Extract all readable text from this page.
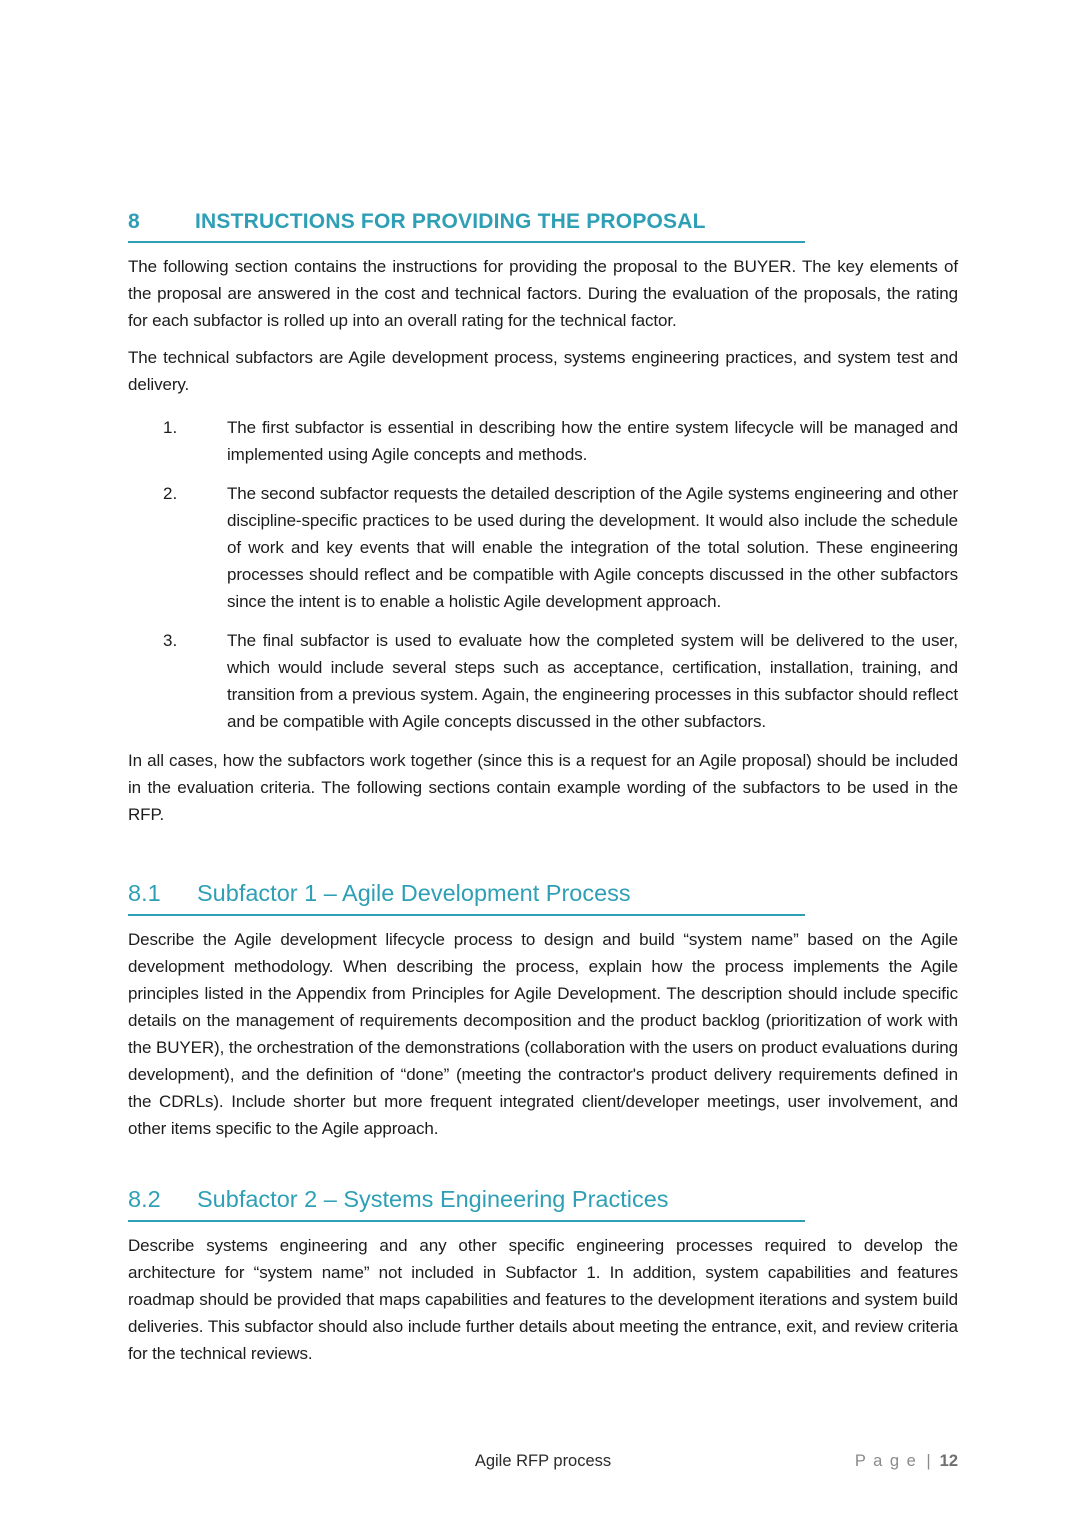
8	INSTRUCTIONS FOR PROVIDING THE PROPOSAL

The following section contains the instructions for providing the proposal to the BUYER. The key elements of the proposal are answered in the cost and technical factors. During the evaluation of the proposals, the rating for each subfactor is rolled up into an overall rating for the technical factor.

The technical subfactors are Agile development process, systems engineering practices, and system test and delivery.

1.	The first subfactor is essential in describing how the entire system lifecycle will be managed and implemented using Agile concepts and methods.
2.	The second subfactor requests the detailed description of the Agile systems engineering and other discipline-specific practices to be used during the development. It would also include the schedule of work and key events that will enable the integration of the total solution. These engineering processes should reflect and be compatible with Agile concepts discussed in the other subfactors since the intent is to enable a holistic Agile development approach.
3.	The final subfactor is used to evaluate how the completed system will be delivered to the user, which would include several steps such as acceptance, certification, installation, training, and transition from a previous system. Again, the engineering processes in this subfactor should reflect and be compatible with Agile concepts discussed in the other subfactors.

In all cases, how the subfactors work together (since this is a request for an Agile proposal) should be included in the evaluation criteria. The following sections contain example wording of the subfactors to be used in the RFP.

8.1	Subfactor 1 – Agile Development Process

Describe the Agile development lifecycle process to design and build “system name” based on the Agile development methodology. When describing the process, explain how the process implements the Agile principles listed in the Appendix from Principles for Agile Development. The description should include specific details on the management of requirements decomposition and the product backlog (prioritization of work with the BUYER), the orchestration of the demonstrations (collaboration with the users on product evaluations during development), and the definition of “done” (meeting the contractor's product delivery requirements defined in the CDRLs). Include shorter but more frequent integrated client/developer meetings, user involvement, and other items specific to the Agile approach.

8.2	Subfactor 2 – Systems Engineering Practices

Describe systems engineering and any other specific engineering processes required to develop the architecture for “system name” not included in Subfactor 1. In addition, system capabilities and features roadmap should be provided that maps capabilities and features to the development iterations and system build deliveries. This subfactor should also include further details about meeting the entrance, exit, and review criteria for the technical reviews.

Agile RFP process	P a g e | 12
